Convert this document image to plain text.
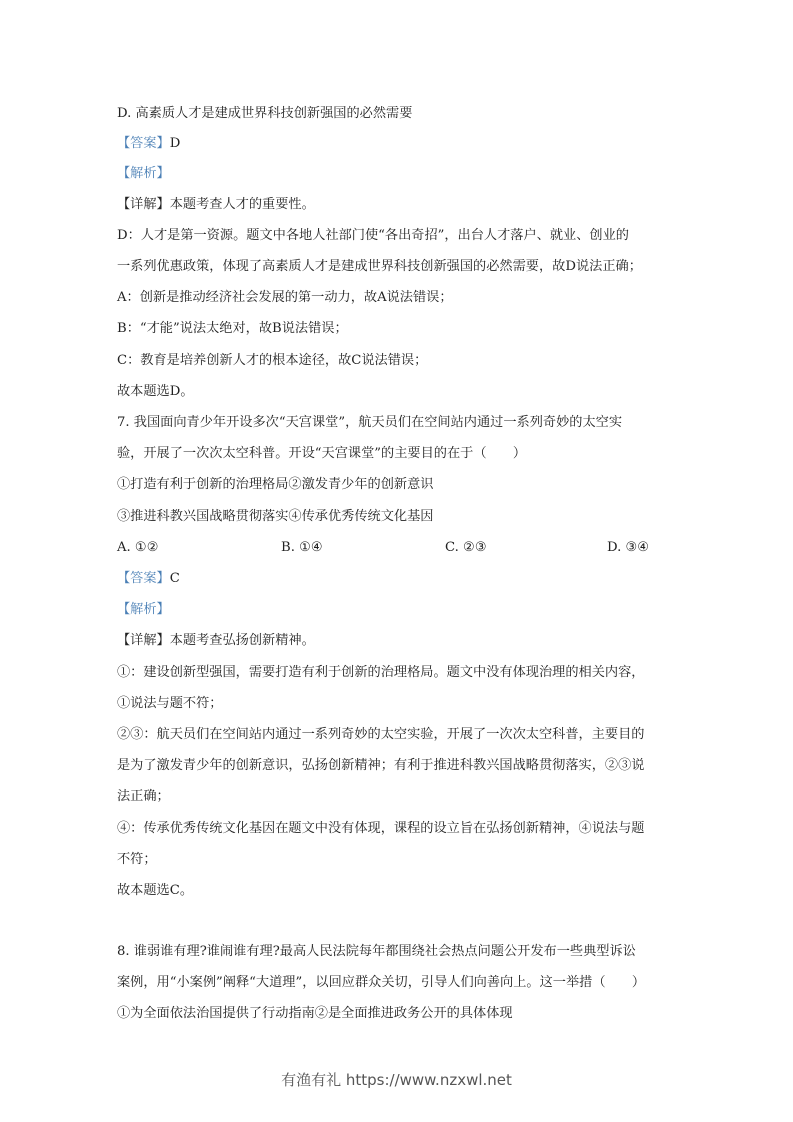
D. 高素质人才是建成世界科技创新强国的必然需要
【答案】D
【解析】
【详解】本题考查人才的重要性。
D：人才是第一资源。题文中各地人社部门使“各出奇招”，出台人才落户、就业、创业的
一系列优惠政策，体现了高素质人才是建成世界科技创新强国的必然需要，故D说法正确；
A：创新是推动经济社会发展的第一动力，故A说法错误；
B：“才能”说法太绝对，故B说法错误；
C：教育是培养创新人才的根本途径，故C说法错误；
故本题选D。
7. 我国面向青少年开设多次“天宫课堂”，航天员们在空间站内通过一系列奇妙的太空实
验，开展了一次次太空科普。开设“天宫课堂”的主要目的在于（　　）
①打造有利于创新的治理格局②激发青少年的创新意识
③推进科教兴国战略贯彻落实④传承优秀传统文化基因
A. ①②	B. ①④	C. ②③	D. ③④
【答案】C
【解析】
【详解】本题考查弘扬创新精神。
①：建设创新型强国，需要打造有利于创新的治理格局。题文中没有体现治理的相关内容，
①说法与题不符；
②③：航天员们在空间站内通过一系列奇妙的太空实验，开展了一次次太空科普，主要目的
是为了激发青少年的创新意识，弘扬创新精神；有利于推进科教兴国战略贯彻落实，②③说
法正确；
④：传承优秀传统文化基因在题文中没有体现，课程的设立旨在弘扬创新精神，④说法与题
不符；
故本题选C。
8. 谁弱谁有理?谁闹谁有理?最高人民法院每年都围绕社会热点问题公开发布一些典型诉讼
案例，用“小案例”阐释“大道理”，以回应群众关切，引导人们向善向上。这一举措（　　）
①为全面依法治国提供了行动指南②是全面推进政务公开的具体体现
有渔有礼 https://www.nzxwl.net
